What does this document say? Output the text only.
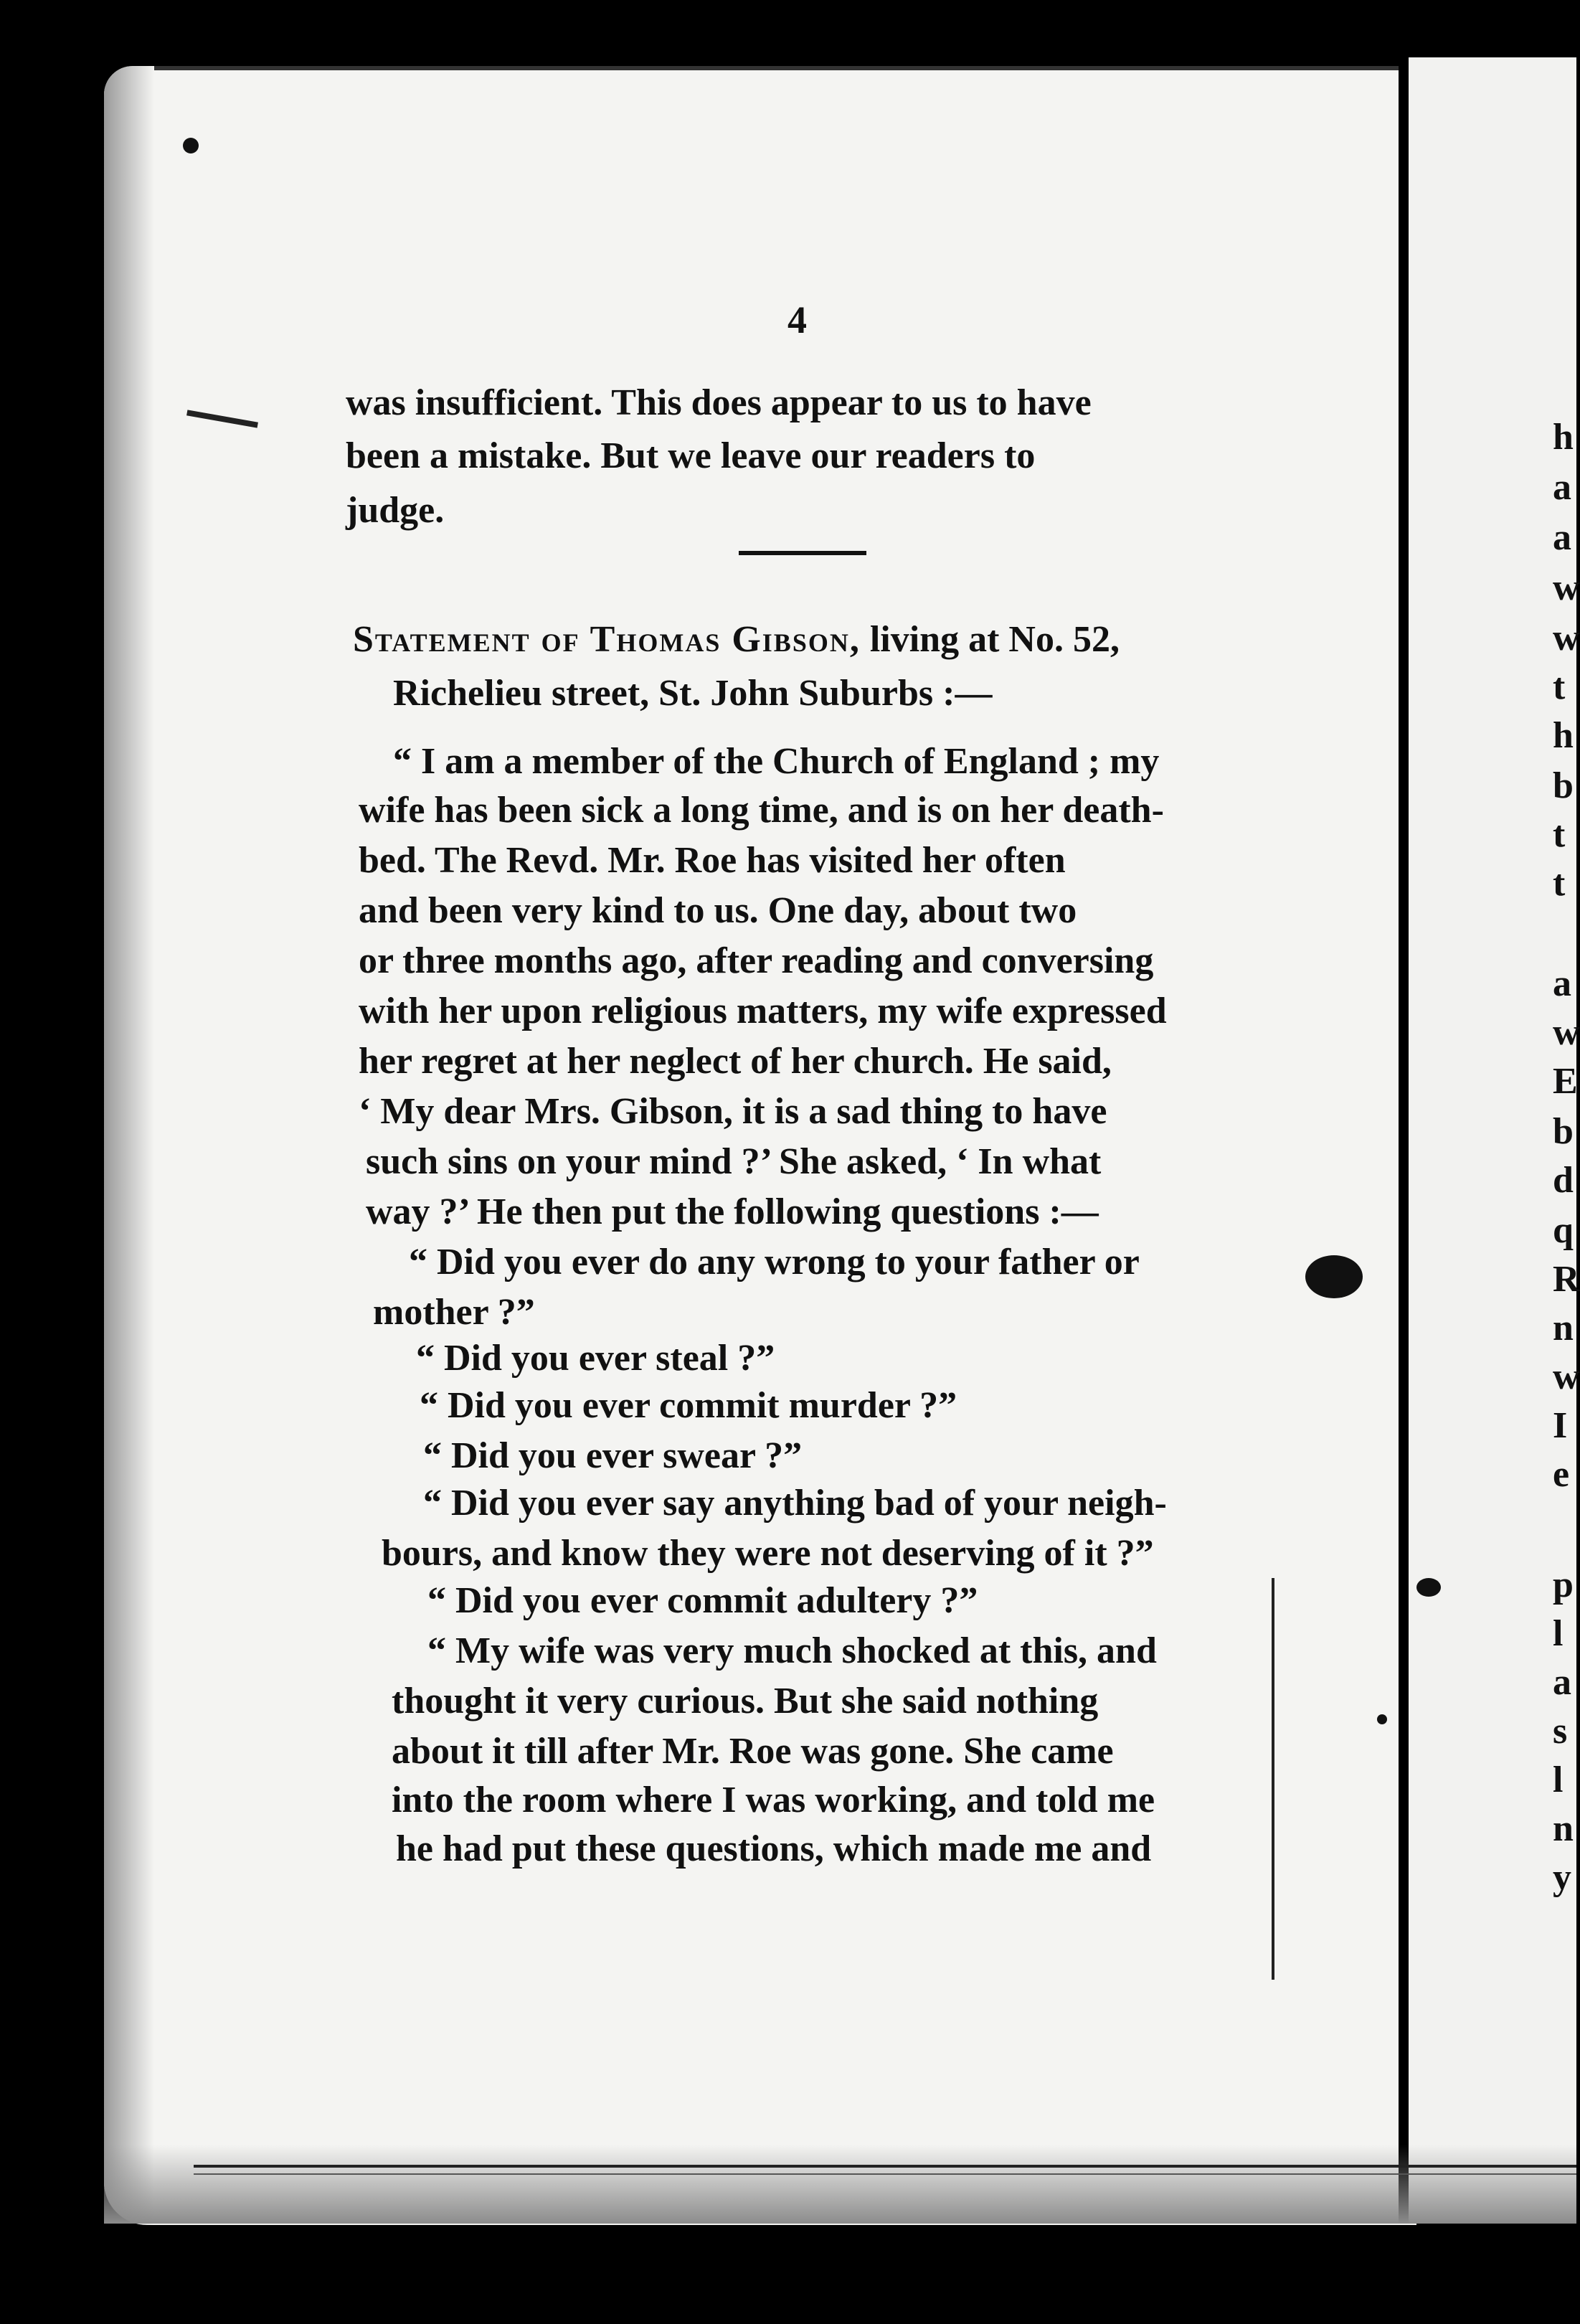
4
was insufficient. This does appear to us to have
been a mistake. But we leave our readers to
judge.
Statement of Thomas Gibson, living at No. 52,
Richelieu street, St. John Suburbs :—
“ I am a member of the Church of England ; my
wife has been sick a long time, and is on her death-
bed. The Revd. Mr. Roe has visited her often
and been very kind to us. One day, about two
or three months ago, after reading and conversing
with her upon religious matters, my wife expressed
her regret at her neglect of her church. He said,
‘ My dear Mrs. Gibson, it is a sad thing to have
such sins on your mind ?’ She asked, ‘ In what
way ?’ He then put the following questions :—
“ Did you ever do any wrong to your father or
mother ?”
“ Did you ever steal ?”
“ Did you ever commit murder ?”
“ Did you ever swear ?”
“ Did you ever say anything bad of your neigh-
bours, and know they were not deserving of it ?”
“ Did you ever commit adultery ?”
“ My wife was very much shocked at this, and
thought it very curious. But she said nothing
about it till after Mr. Roe was gone. She came
into the room where I was working, and told me
he had put these questions, which made me and
h
a
a
w
w
t
h
b
t
t
a
w
E
b
d
q
R
n
w
I
e
p
l
a
s
l
n
y
